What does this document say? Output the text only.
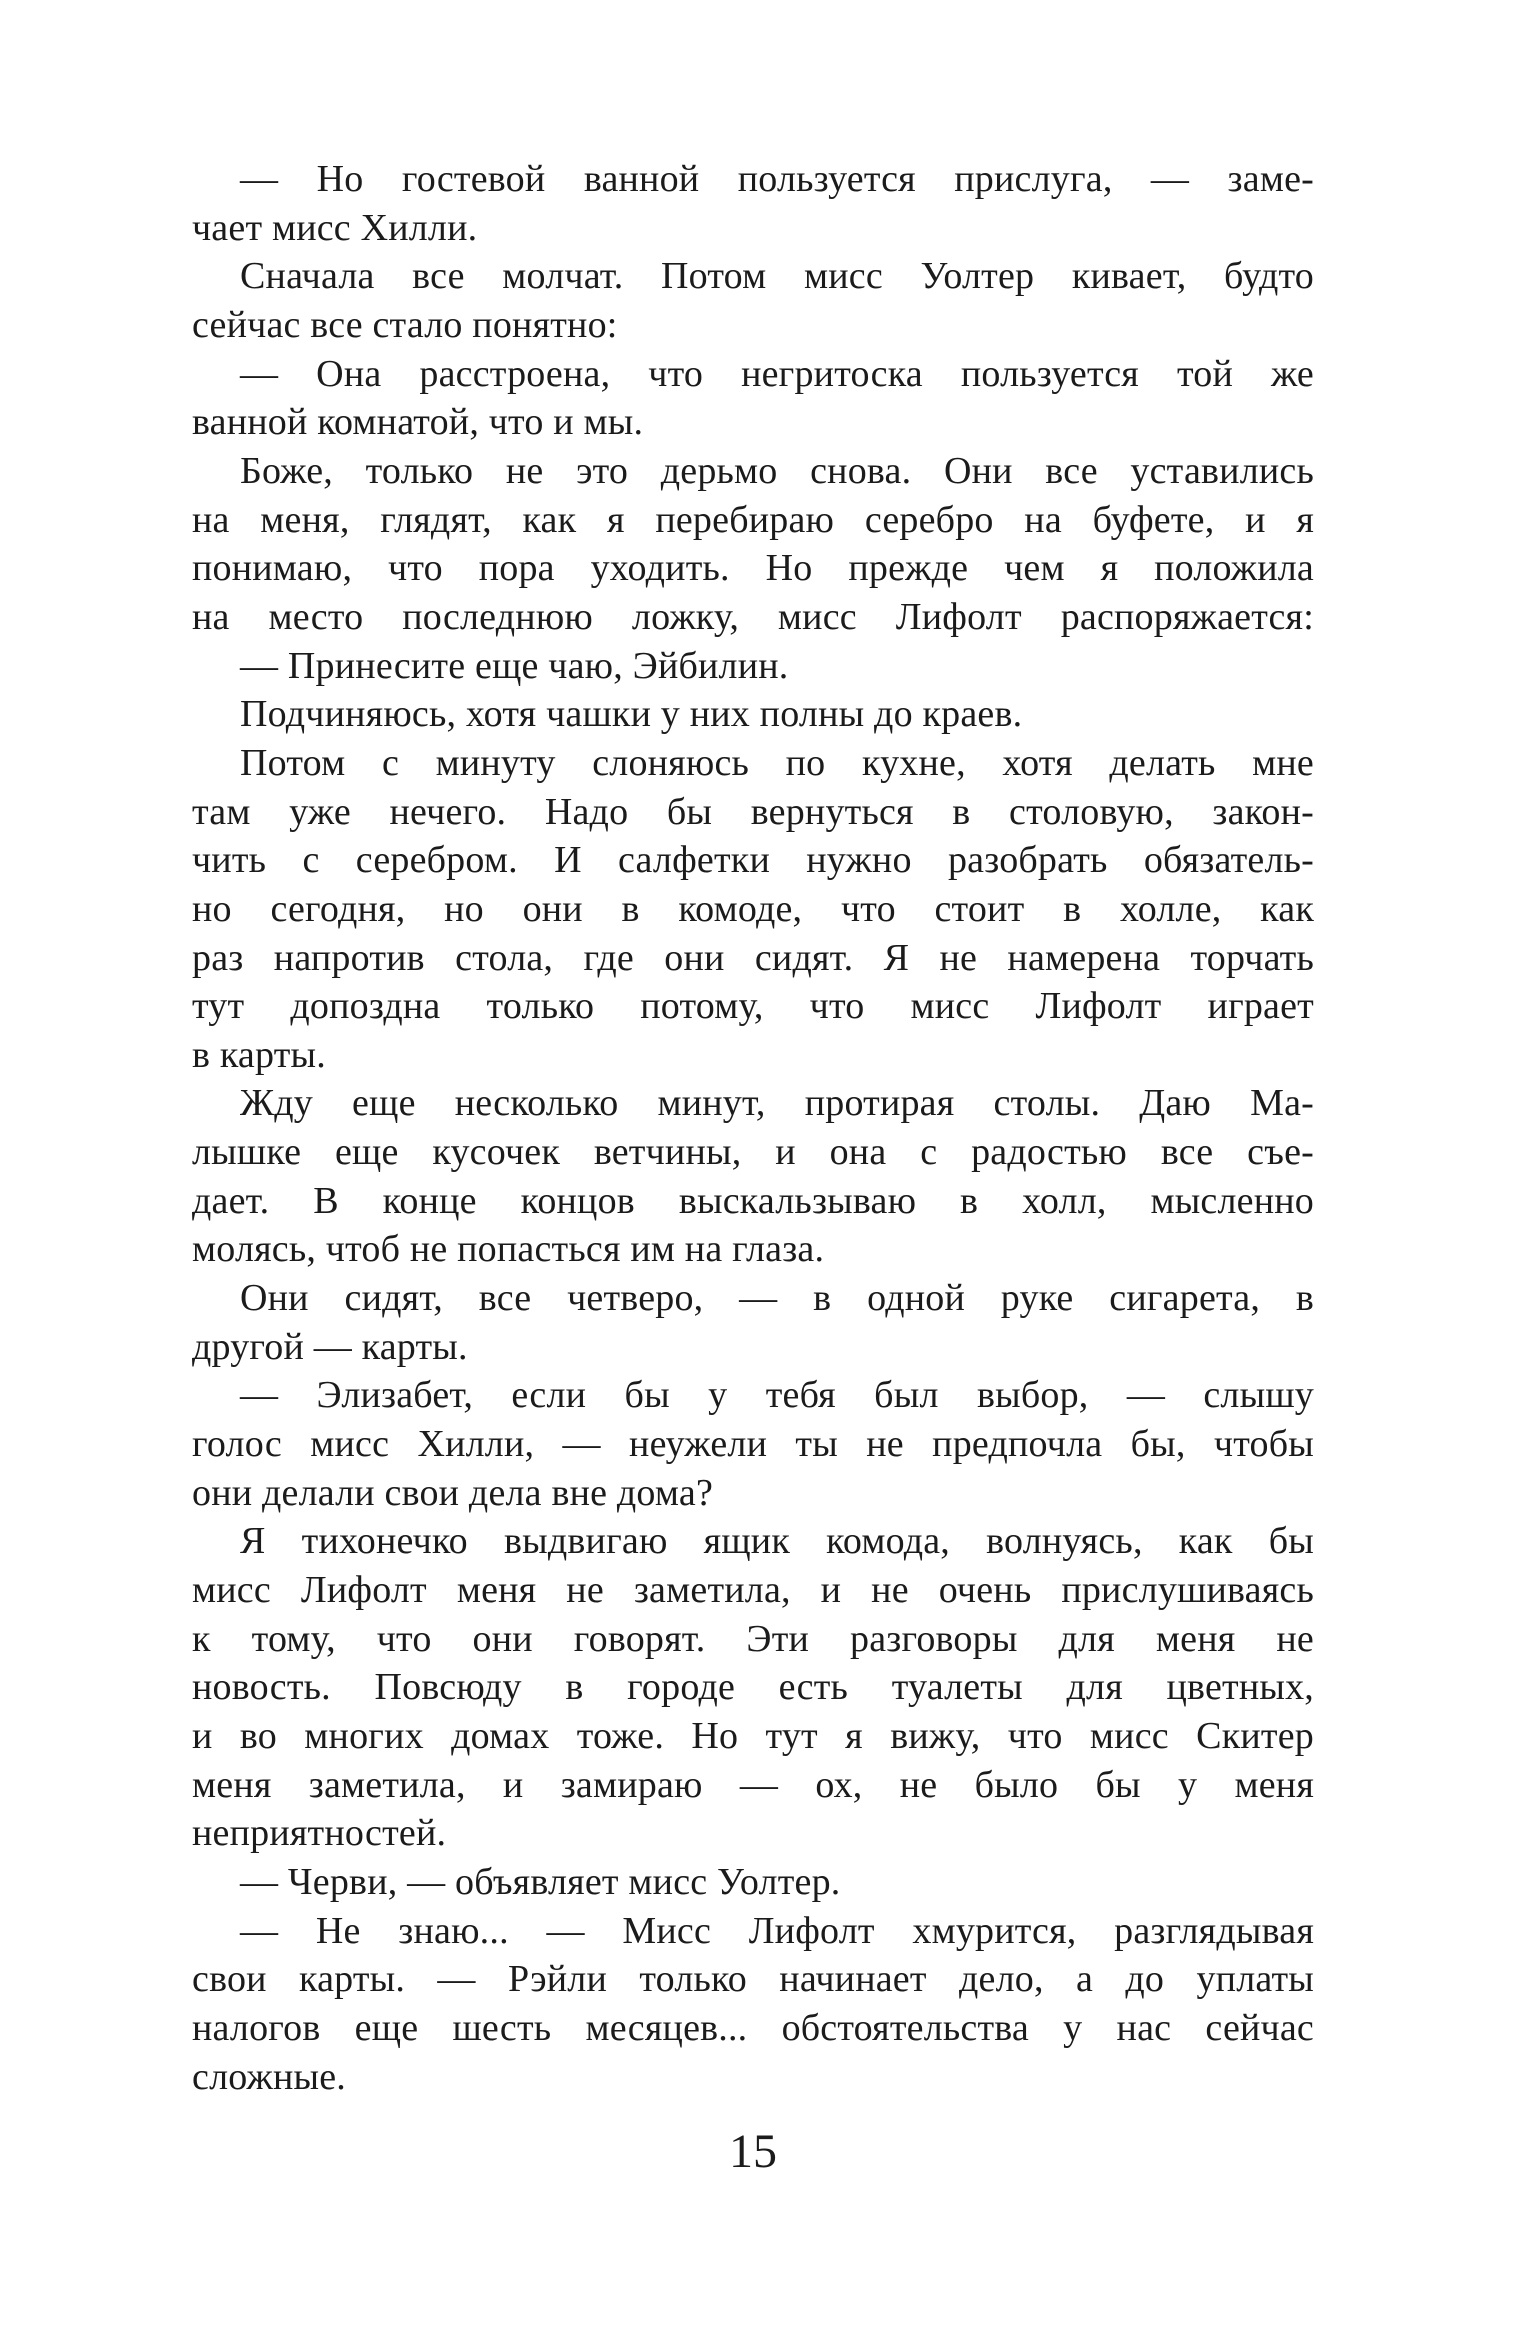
— Но гостевой ванной пользуется прислуга, — заме-
чает мисс Хилли.
Сначала все молчат. Потом мисс Уолтер кивает, будто
сейчас все стало понятно:
— Она расстроена, что негритоска пользуется той же
ванной комнатой, что и мы.
Боже, только не это дерьмо снова. Они все уставились
на меня, глядят, как я перебираю серебро на буфете, и я
понимаю, что пора уходить. Но прежде чем я положила
на место последнюю ложку, мисс Лифолт распоряжается:
— Принесите еще чаю, Эйбилин.
Подчиняюсь, хотя чашки у них полны до краев.
Потом с минуту слоняюсь по кухне, хотя делать мне
там уже нечего. Надо бы вернуться в столовую, закон-
чить с серебром. И салфетки нужно разобрать обязатель-
но сегодня, но они в комоде, что стоит в холле, как
раз напротив стола, где они сидят. Я не намерена торчать
тут допоздна только потому, что мисс Лифолт играет
в карты.
Жду еще несколько минут, протирая столы. Даю Ма-
лышке еще кусочек ветчины, и она с радостью все съе-
дает. В конце концов выскальзываю в холл, мысленно
молясь, чтоб не попасться им на глаза.
Они сидят, все четверо, — в одной руке сигарета, в
другой — карты.
— Элизабет, если бы у тебя был выбор, — слышу
голос мисс Хилли, — неужели ты не предпочла бы, чтобы
они делали свои дела вне дома?
Я тихонечко выдвигаю ящик комода, волнуясь, как бы
мисс Лифолт меня не заметила, и не очень прислушиваясь
к тому, что они говорят. Эти разговоры для меня не
новость. Повсюду в городе есть туалеты для цветных,
и во многих домах тоже. Но тут я вижу, что мисс Скитер
меня заметила, и замираю — ох, не было бы у меня
неприятностей.
— Черви, — объявляет мисс Уолтер.
— Не знаю... — Мисс Лифолт хмурится, разглядывая
свои карты. — Рэйли только начинает дело, а до уплаты
налогов еще шесть месяцев... обстоятельства у нас сейчас
сложные.
15
